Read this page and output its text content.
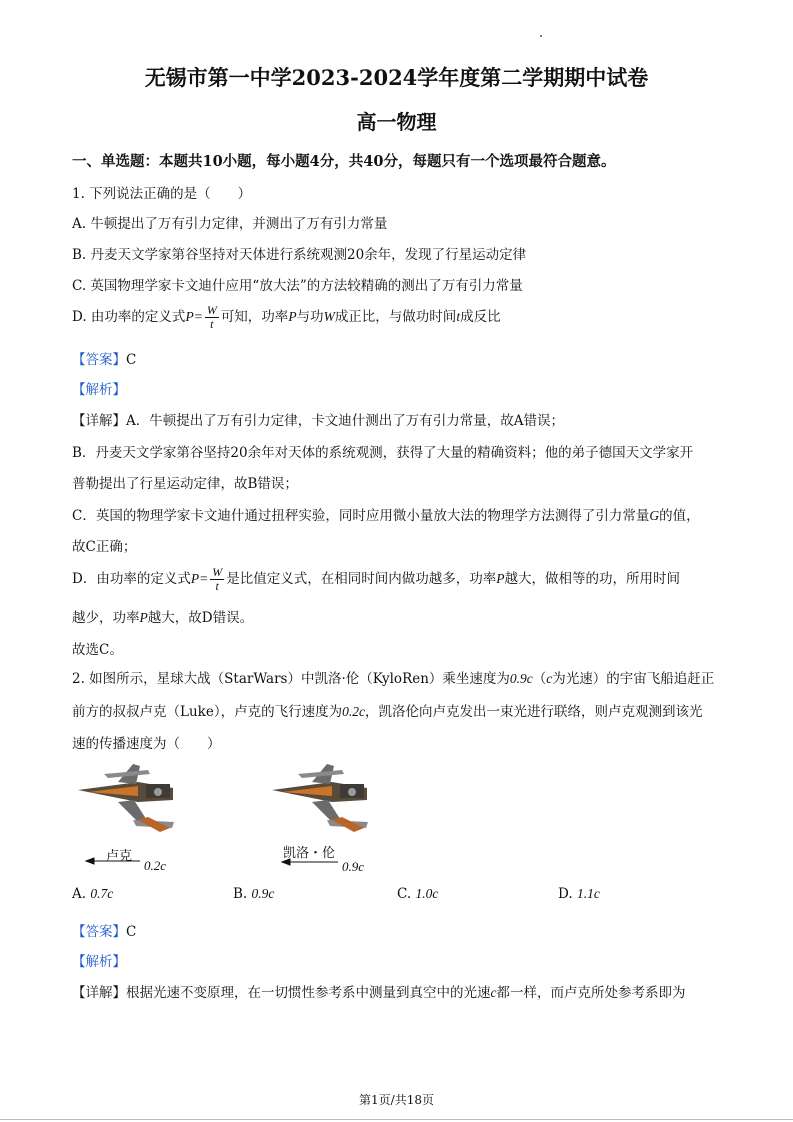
无锡市第一中学2023-2024学年度第二学期期中试卷
高一物理
一、单选题：本题共10小题，每小题4分，共40分，每题只有一个选项最符合题意。
1. 下列说法正确的是（　　）
A. 牛顿提出了万有引力定律，并测出了万有引力常量
B. 丹麦天文学家第谷坚持对天体进行系统观测20余年，发现了行星运动定律
C. 英国物理学家卡文迪什应用“放大法”的方法较精确的测出了万有引力常量
D. 由功率的定义式$P= \frac{W}{t}$ 可知，功率P与功W成正比，与做功时间t成反比
【答案】C
【解析】
【详解】A．牛顿提出了万有引力定律，卡文迪什测出了万有引力常量，故A错误；
B．丹麦天文学家第谷坚持20余年对天体的系统观测，获得了大量的精确资料；他的弟子德国天文学家开
普勒提出了行星运动定律，故B错误；
C．英国的物理学家卡文迪什通过扭秤实验，同时应用微小量放大法的物理学方法测得了引力常量G的值，
故C正确；
D．由功率的定义式$P= \frac{W}{t}$ 是比值定义式，在相同时间内做功越多，功率P越大，做相等的功，所用时间
越少，功率P越大，故D错误。
故选C。
2. 如图所示，星球大战（StarWars）中凯洛·伦（KyloRen）乘坐速度为0.9c（c为光速）的宇宙飞船追赶正
前方的叔叔卢克（Luke），卢克的飞行速度为0.2c，凯洛伦向卢克发出一束光进行联络，则卢克观测到该光
速的传播速度为（　　）
卢克
0.2c
凯洛・伦
0.9c
A. 0.7c	B. 0.9c	C. 1.0c	D. 1.1c
【答案】C
【解析】
【详解】根据光速不变原理，在一切惯性参考系中测量到真空中的光速c都一样，而卢克所处参考系即为
第1页/共18页
